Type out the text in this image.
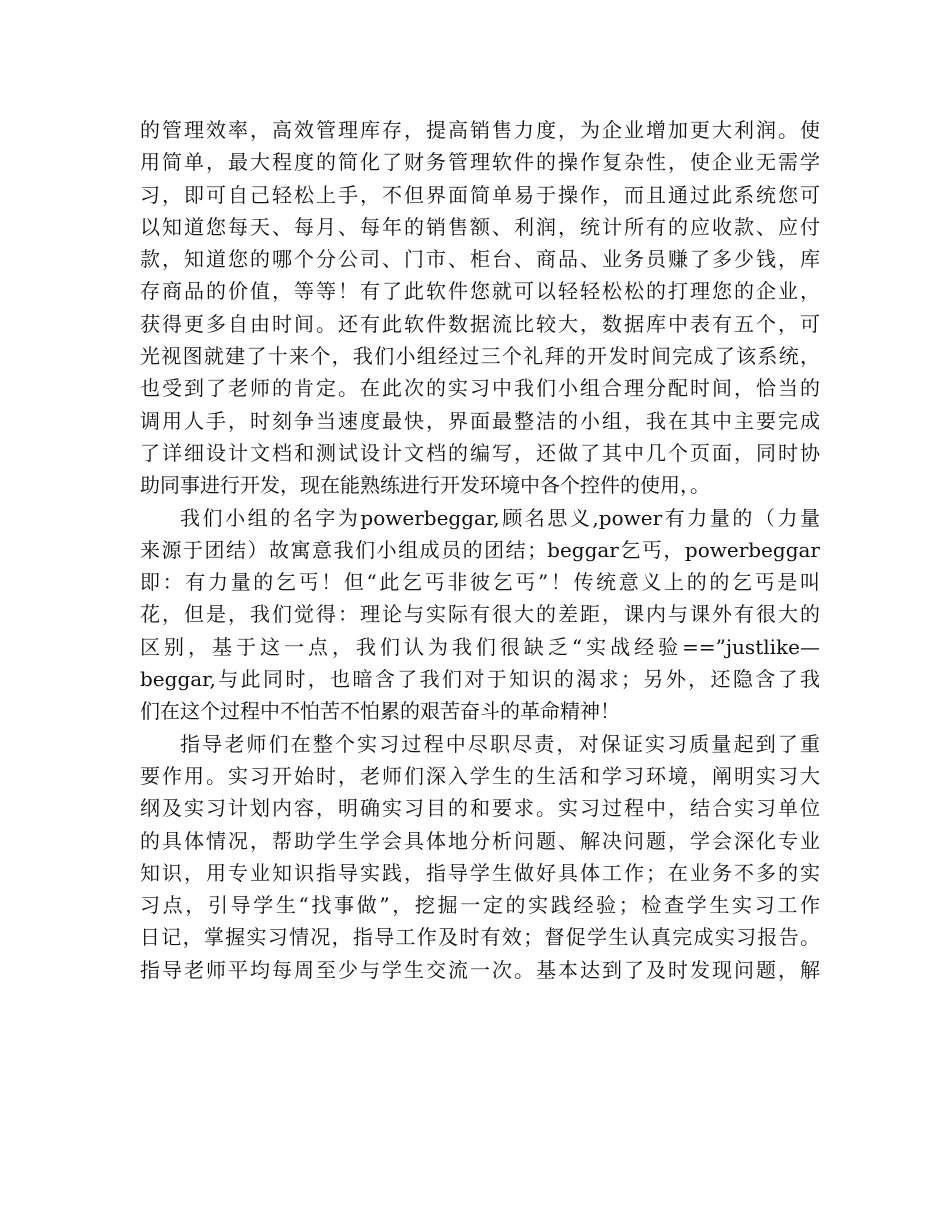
的管理效率，高效管理库存，提高销售力度，为企业增加更大利润。使
用简单，最大程度的简化了财务管理软件的操作复杂性，使企业无需学
习，即可自己轻松上手，不但界面简单易于操作，而且通过此系统您可
以知道您每天、每月、每年的销售额、利润，统计所有的应收款、应付
款，知道您的哪个分公司、门市、柜台、商品、业务员赚了多少钱，库
存商品的价值，等等！有了此软件您就可以轻轻松松的打理您的企业，
获得更多自由时间。还有此软件数据流比较大，数据库中表有五个，可
光视图就建了十来个，我们小组经过三个礼拜的开发时间完成了该系统，
也受到了老师的肯定。在此次的实习中我们小组合理分配时间，恰当的
调用人手，时刻争当速度最快，界面最整洁的小组，我在其中主要完成
了详细设计文档和测试设计文档的编写，还做了其中几个页面，同时协
助同事进行开发，现在能熟练进行开发环境中各个控件的使用，。
我们小组的名字为powerbeggar,顾名思义,power有力量的（力量
来源于团结）故寓意我们小组成员的团结；beggar乞丐，powerbeggar
即：有力量的乞丐！但“此乞丐非彼乞丐”！传统意义上的的乞丐是叫
花，但是，我们觉得：理论与实际有很大的差距，课内与课外有很大的
区别，基于这一点，我们认为我们很缺乏“实战经验==”justlike—
beggar,与此同时，也暗含了我们对于知识的渴求；另外，还隐含了我
们在这个过程中不怕苦不怕累的艰苦奋斗的革命精神！
指导老师们在整个实习过程中尽职尽责，对保证实习质量起到了重
要作用。实习开始时，老师们深入学生的生活和学习环境，阐明实习大
纲及实习计划内容，明确实习目的和要求。实习过程中，结合实习单位
的具体情况，帮助学生学会具体地分析问题、解决问题，学会深化专业
知识，用专业知识指导实践，指导学生做好具体工作；在业务不多的实
习点，引导学生“找事做”，挖掘一定的实践经验；检查学生实习工作
日记，掌握实习情况，指导工作及时有效；督促学生认真完成实习报告。
指导老师平均每周至少与学生交流一次。基本达到了及时发现问题，解
